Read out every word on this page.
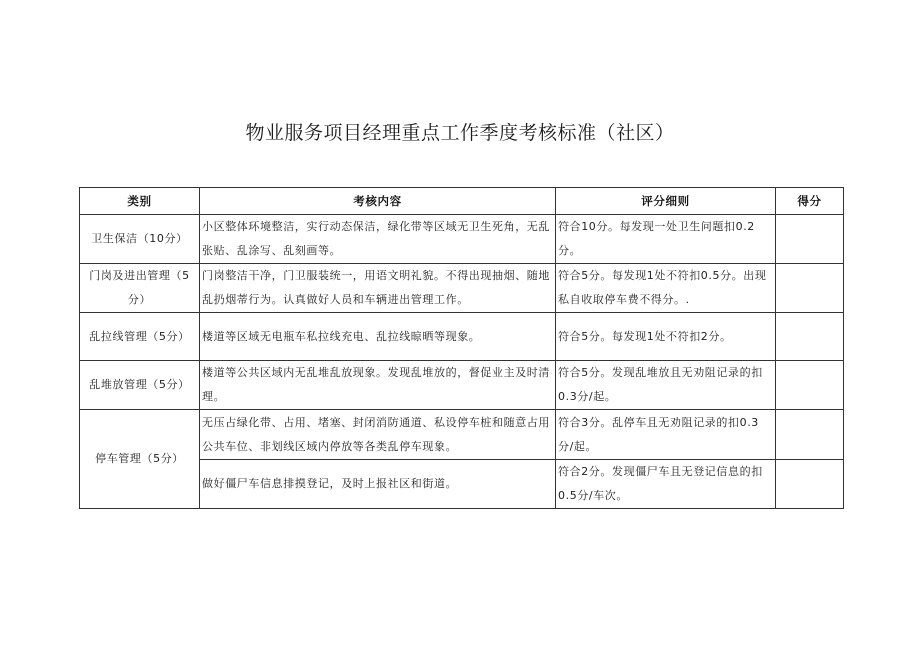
物业服务项目经理重点工作季度考核标准（社区）
类别	考核内容	评分细则	得分
卫生保洁（10分）	小区整体环境整洁，实行动态保洁，绿化带等区域无卫生死角，无乱张贴、乱涂写、乱刻画等。	符合10分。每发现一处卫生问题扣0.2分。	
门岗及进出管理（5分）	门岗整洁干净，门卫服装统一，用语文明礼貌。不得出现抽烟、随地乱扔烟蒂行为。认真做好人员和车辆进出管理工作。	符合5分。每发现1处不符扣0.5分。出现私自收取停车费不得分。.	
乱拉线管理（5分）	楼道等区域无电瓶车私拉线充电、乱拉线晾晒等现象。	符合5分。每发现1处不符扣2分。	
乱堆放管理（5分）	楼道等公共区域内无乱堆乱放现象。发现乱堆放的，督促业主及时清理。	符合5分。发现乱堆放且无劝阻记录的扣0.3分/起。	
停车管理（5分）	无压占绿化带、占用、堵塞、封闭消防通道、私设停车桩和随意占用公共车位、非划线区域内停放等各类乱停车现象。	符合3分。乱停车且无劝阻记录的扣0.3分/起。	
	做好僵尸车信息排摸登记，及时上报社区和街道。	符合2分。发现僵尸车且无登记信息的扣0.5分/车次。	
